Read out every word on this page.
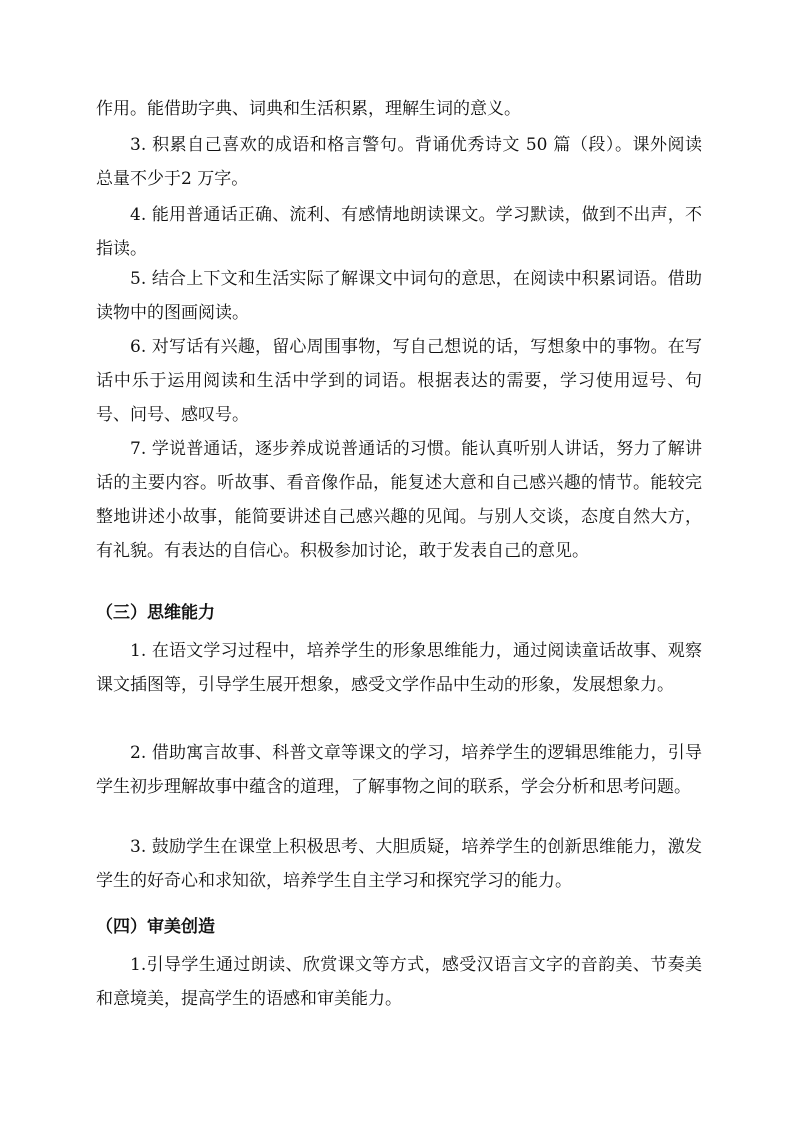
作用。能借助字典、词典和生活积累，理解生词的意义。

3. 积累自己喜欢的成语和格言警句。背诵优秀诗文 50 篇（段）。课外阅读总量不少于2 万字。

4. 能用普通话正确、流利、有感情地朗读课文。学习默读，做到不出声，不指读。

5. 结合上下文和生活实际了解课文中词句的意思，在阅读中积累词语。借助读物中的图画阅读。

6. 对写话有兴趣，留心周围事物，写自己想说的话，写想象中的事物。在写话中乐于运用阅读和生活中学到的词语。根据表达的需要，学习使用逗号、句号、问号、感叹号。

7. 学说普通话，逐步养成说普通话的习惯。能认真听别人讲话，努力了解讲话的主要内容。听故事、看音像作品，能复述大意和自己感兴趣的情节。能较完整地讲述小故事，能简要讲述自己感兴趣的见闻。与别人交谈，态度自然大方，有礼貌。有表达的自信心。积极参加讨论，敢于发表自己的意见。

（三）思维能力

1. 在语文学习过程中，培养学生的形象思维能力，通过阅读童话故事、观察课文插图等，引导学生展开想象，感受文学作品中生动的形象，发展想象力。

2. 借助寓言故事、科普文章等课文的学习，培养学生的逻辑思维能力，引导学生初步理解故事中蕴含的道理，了解事物之间的联系，学会分析和思考问题。

3. 鼓励学生在课堂上积极思考、大胆质疑，培养学生的创新思维能力，激发学生的好奇心和求知欲，培养学生自主学习和探究学习的能力。

（四）审美创造

1.引导学生通过朗读、欣赏课文等方式，感受汉语言文字的音韵美、节奏美和意境美，提高学生的语感和审美能力。
